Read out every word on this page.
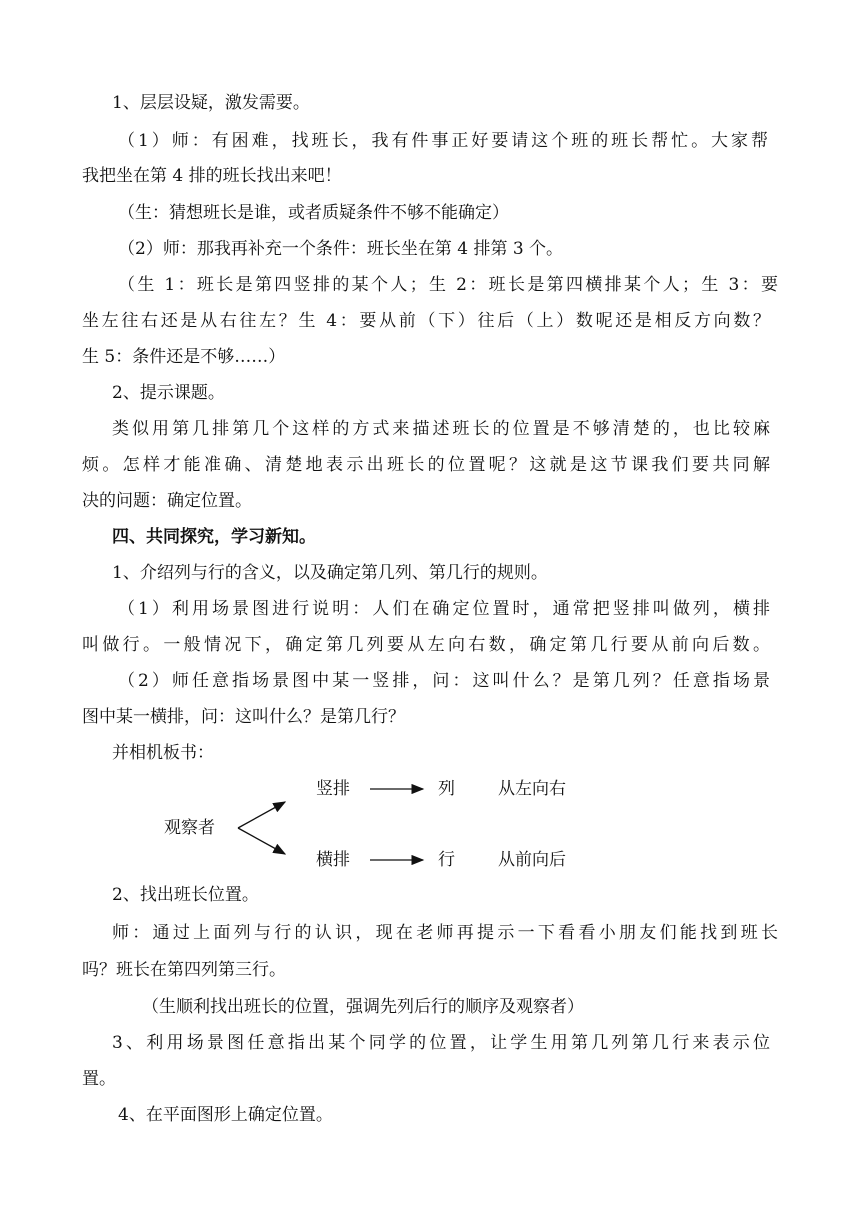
1、层层设疑，激发需要。
（1）师：有困难，找班长，我有件事正好要请这个班的班长帮忙。大家帮
我把坐在第 4 排的班长找出来吧！
（生：猜想班长是谁，或者质疑条件不够不能确定）
（2）师：那我再补充一个条件：班长坐在第 4 排第 3 个。
（生 1：班长是第四竖排的某个人；生 2：班长是第四横排某个人；生 3：要
坐左往右还是从右往左？生 4：要从前（下）往后（上）数呢还是相反方向数？
生 5：条件还是不够……）
2、提示课题。
类似用第几排第几个这样的方式来描述班长的位置是不够清楚的，也比较麻
烦。怎样才能准确、清楚地表示出班长的位置呢？这就是这节课我们要共同解
决的问题：确定位置。
四、共同探究，学习新知。
1、介绍列与行的含义，以及确定第几列、第几行的规则。
（1）利用场景图进行说明：人们在确定位置时，通常把竖排叫做列，横排
叫做行。一般情况下，确定第几列要从左向右数，确定第几行要从前向后数。
（2）师任意指场景图中某一竖排，问：这叫什么？是第几列？任意指场景
图中某一横排，问：这叫什么？是第几行？
并相机板书：
观察者
竖排	列	从左向右
横排	行	从前向后
2、找出班长位置。
师：通过上面列与行的认识，现在老师再提示一下看看小朋友们能找到班长
吗？班长在第四列第三行。
（生顺利找出班长的位置，强调先列后行的顺序及观察者）
3、利用场景图任意指出某个同学的位置，让学生用第几列第几行来表示位
置。
4、在平面图形上确定位置。
